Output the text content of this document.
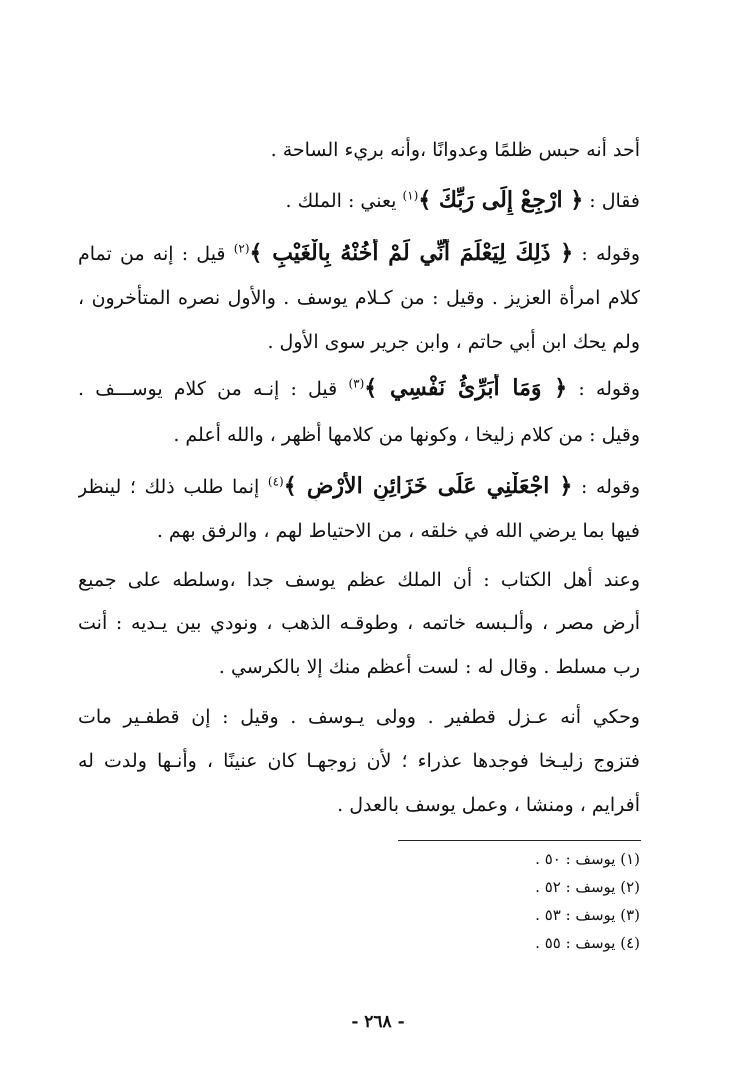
أحد أنه حبس ظلمًا وعدوانًا ،وأنه بريء الساحة .
فقال : ﴿ ارْجِعْ إِلَى رَبِّكَ ﴾$^{(١)}$ يعني : الملك .
وقوله : ﴿ ذَلِكَ لِيَعْلَمَ أَنِّي لَمْ أَخُنْهُ بِالْغَيْبِ ﴾$^{(٢)}$ قيل : إنه من تمام
كلام امرأة العزيز . وقيل : من كـلام يوسف . والأول نصره المتأخرون ،
ولم يحك ابن أبي حاتم ، وابن جرير سوى الأول .
وقوله : ﴿ وَمَا أُبَرِّئُ نَفْسِي ﴾$^{(٣)}$ قيل : إنـه من كلام يوســـف .
وقيل : من كلام زليخا ، وكونها من كلامها أظهر ، والله أعلم .
وقوله : ﴿ اجْعَلْنِي عَلَى خَزَائِنِ الأَرْضِ ﴾$^{(٤)}$ إنما طلب ذلك ؛ لينظر
فيها بما يرضي الله في خلقه ، من الاحتياط لهم ، والرفق بهم .
وعند أهل الكتاب : أن الملك عظم يوسف جدا ،وسلطه على جميع
أرض مصر ، وألـبسه خاتمه ، وطوقـه الذهب ، ونودي بين يـديه : أنت
رب مسلط . وقال له : لست أعظم منك إلا بالكرسي .
وحكي أنه عـزل قطفير . وولى يـوسف . وقيل : إن قطفـير مات
فتزوج زليـخا فوجدها عذراء ؛ لأن زوجهـا كان عنينًا ، وأنـها ولدت له
أفرايم ، ومنشا ، وعمل يوسف بالعدل .
(١) يوسف : ٥٠ .
(٢) يوسف : ٥٢ .
(٣) يوسف : ٥٣ .
(٤) يوسف : ٥٥ .
- ٢٦٨ -
